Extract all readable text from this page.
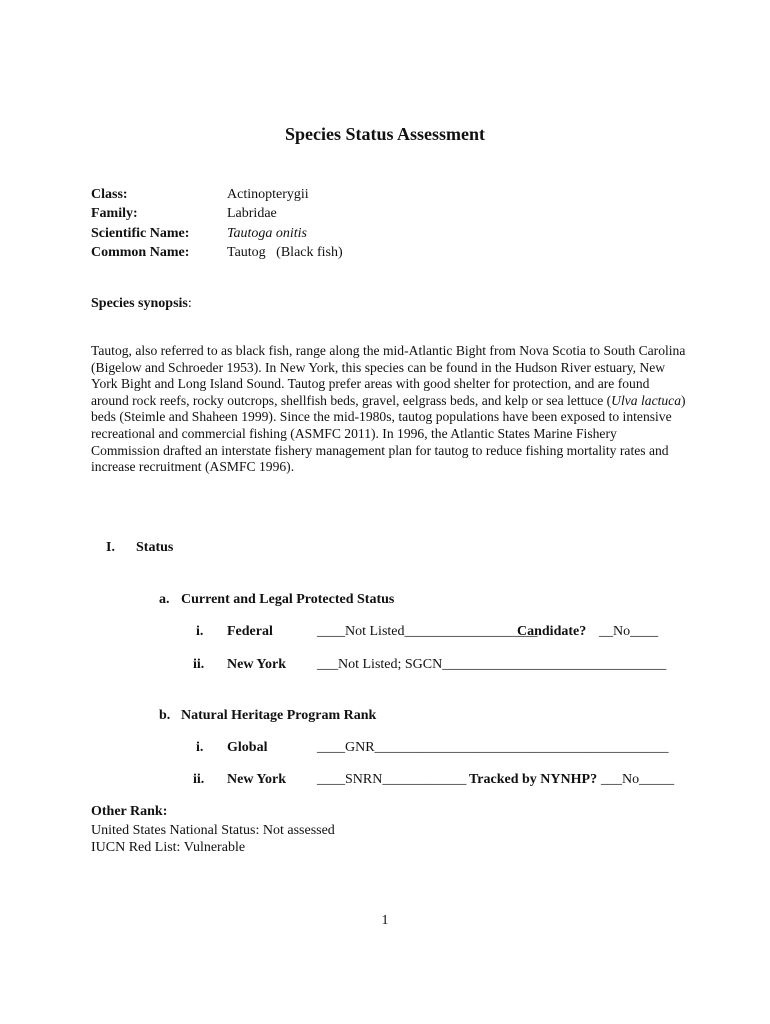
Species Status Assessment
Class:	Actinopterygii
Family:	Labridae
Scientific Name:	Tautoga onitis
Common Name:	Tautog   (Black fish)
Species synopsis:
Tautog, also referred to as black fish, range along the mid-Atlantic Bight from Nova Scotia to South Carolina (Bigelow and Schroeder 1953). In New York, this species can be found in the Hudson River estuary, New York Bight and Long Island Sound. Tautog prefer areas with good shelter for protection, and are found around rock reefs, rocky outcrops, shellfish beds, gravel, eelgrass beds, and kelp or sea lettuce (Ulva lactuca) beds (Steimle and Shaheen 1999). Since the mid-1980s, tautog populations have been exposed to intensive recreational and commercial fishing (ASMFC 2011). In 1996, the Atlantic States Marine Fishery Commission drafted an interstate fishery management plan for tautog to reduce fishing mortality rates and increase recruitment (ASMFC 1996).
I. Status
a. Current and Legal Protected Status
i. Federal	____Not Listed___________________
Candidate? __No____
ii. New York ___Not Listed; SGCN________________________________
b. Natural Heritage Program Rank
i. Global	____GNR__________________________________________
ii. New York ____SNRN____________ Tracked by NYNHP? ___No_____
Other Rank:
United States National Status: Not assessed
IUCN Red List: Vulnerable
1
